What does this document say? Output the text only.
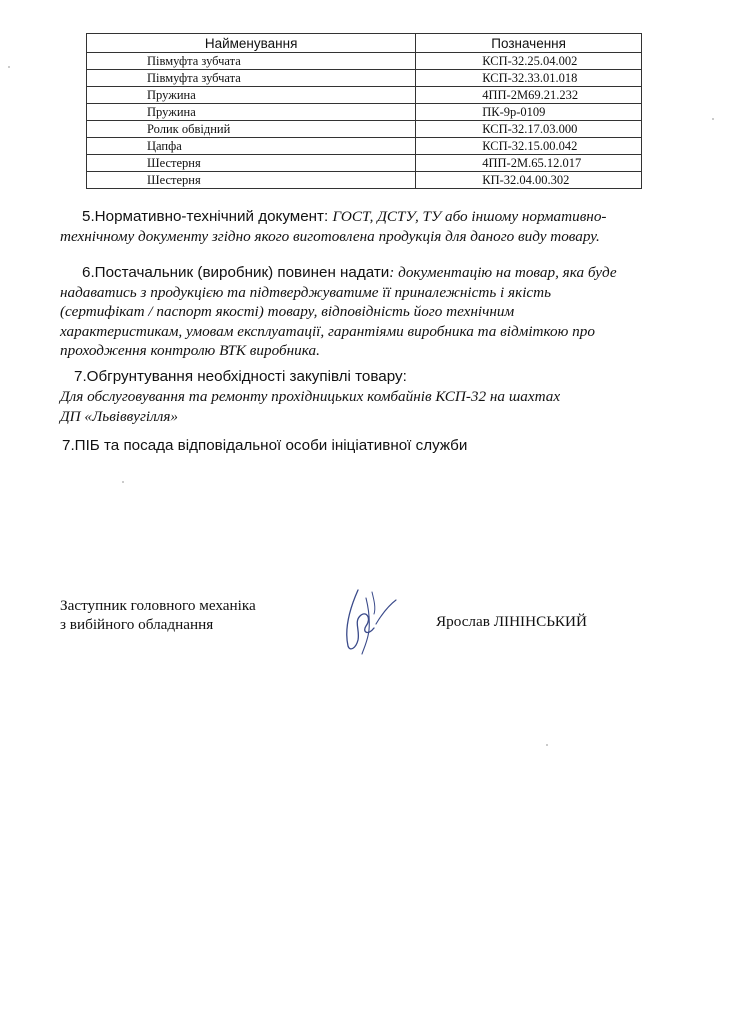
Найменування	Позначення
Півмуфта зубчата	КСП-32.25.04.002
Півмуфта зубчата	КСП-32.33.01.018
Пружина	4ПП-2М69.21.232
Пружина	ПК-9р-0109
Ролик обвідний	КСП-32.17.03.000
Цапфа	КСП-32.15.00.042
Шестерня	4ПП-2М.65.12.017
Шестерня	КП-32.04.00.302
5.Нормативно-технічний документ: ГОСТ, ДСТУ, ТУ або іншому нормативно-
технічному документу згідно якого виготовлена продукція для даного виду товару.
6.Постачальник (виробник) повинен надати: документацію на товар, яка буде
надаватись з продукцією та підтверджуватиме її приналежність і якість
(сертифікат / паспорт якості) товару, відповідність його технічним
характеристикам, умовам експлуатації, гарантіями виробника та відміткою про
проходження контролю ВТК виробника.
7.Обгрунтування необхідності закупівлі товару:
Для обслуговування та ремонту прохідницьких комбайнів КСП-32 на шахтах
ДП «Львіввугілля»
7.ПІБ та посада відповідальної особи ініціативної служби
Заступник головного механіка
з вибійного обладнання	Ярослав ЛІНІНСЬКИЙ
